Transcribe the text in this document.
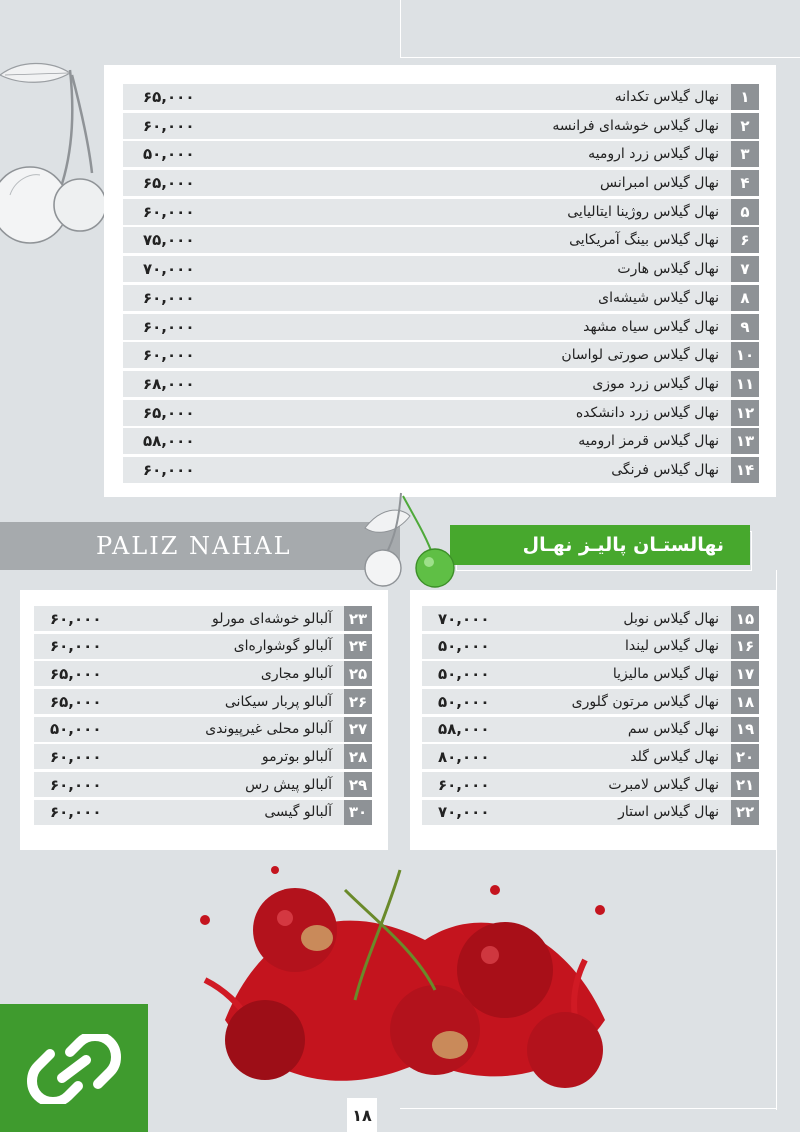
۱
نهال گیلاس تکدانه
۶۵,۰۰۰
۲
نهال گیلاس خوشه‌ای فرانسه
۶۰,۰۰۰
۳
نهال گیلاس زرد ارومیه
۵۰,۰۰۰
۴
نهال گیلاس امبرانس
۶۵,۰۰۰
۵
نهال گیلاس روژینا ایتالیایی
۶۰,۰۰۰
۶
نهال گیلاس بینگ آمریکایی
۷۵,۰۰۰
۷
نهال گیلاس هارت
۷۰,۰۰۰
۸
نهال گیلاس شیشه‌ای
۶۰,۰۰۰
۹
نهال گیلاس سیاه مشهد
۶۰,۰۰۰
۱۰
نهال گیلاس صورتی لواسان
۶۰,۰۰۰
۱۱
نهال گیلاس زرد موزی
۶۸,۰۰۰
۱۲
نهال گیلاس زرد دانشکده
۶۵,۰۰۰
۱۳
نهال گیلاس قرمز ارومیه
۵۸,۰۰۰
۱۴
نهال گیلاس فرنگی
۶۰,۰۰۰
PALIZ NAHAL	نهالستـان پالیـز نهـال
۱۵
نهال گیلاس نوبل
۷۰,۰۰۰
۱۶
نهال گیلاس لیندا
۵۰,۰۰۰
۱۷
نهال گیلاس مالیزیا
۵۰,۰۰۰
۱۸
نهال گیلاس مرتون گلوری
۵۰,۰۰۰
۱۹
نهال گیلاس سم
۵۸,۰۰۰
۲۰
نهال گیلاس گلد
۸۰,۰۰۰
۲۱
نهال گیلاس لامبرت
۶۰,۰۰۰
۲۲
نهال گیلاس استار
۷۰,۰۰۰
۲۳
آلبالو خوشه‌ای مورلو
۶۰,۰۰۰
۲۴
آلبالو گوشواره‌ای
۶۰,۰۰۰
۲۵
آلبالو مجاری
۶۵,۰۰۰
۲۶
آلبالو پربار سیکانی
۶۵,۰۰۰
۲۷
آلبالو محلی غیرپیوندی
۵۰,۰۰۰
۲۸
آلبالو بوترمو
۶۰,۰۰۰
۲۹
آلبالو پیش رس
۶۰,۰۰۰
۳۰
آلبالو گیسی
۶۰,۰۰۰
۱۸
